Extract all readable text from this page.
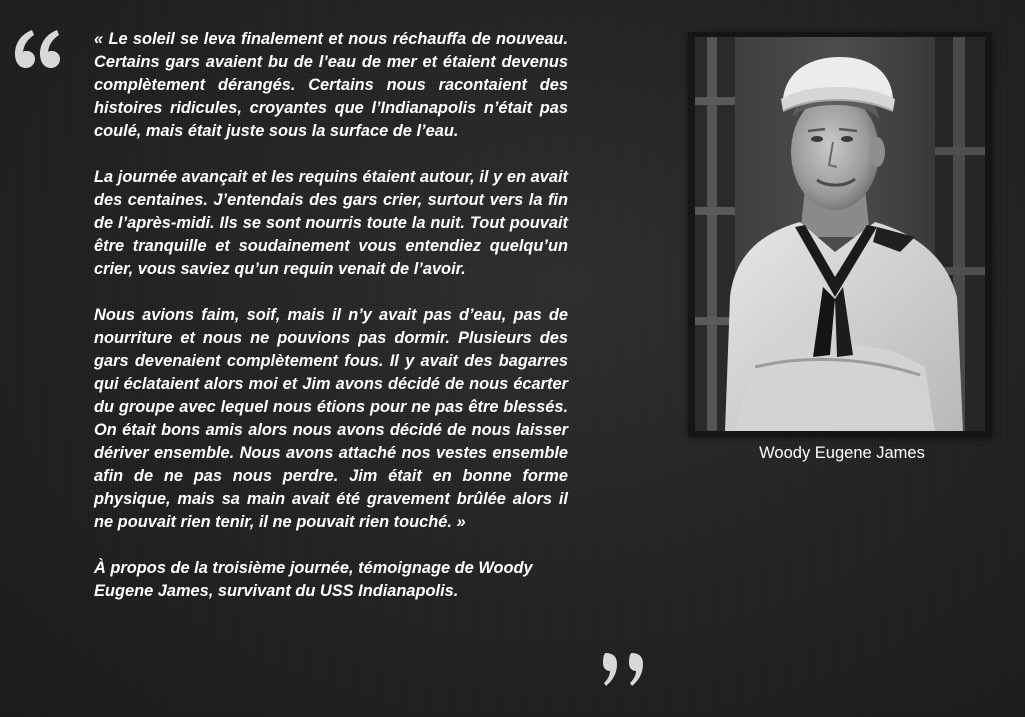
« Le soleil se leva finalement et nous réchauffa de nouveau. Certains gars avaient bu de l’eau de mer et étaient devenus complètement dérangés. Certains nous racontaient des histoires ridicules, croyantes que l’Indianapolis n’était pas coulé, mais était juste sous la surface de l’eau.

La journée avançait et les requins étaient autour, il y en avait des centaines. J’entendais des gars crier, surtout vers la fin de l’après-midi. Ils se sont nourris toute la nuit. Tout pouvait être tranquille et soudainement vous entendiez quelqu’un crier, vous saviez qu’un requin venait de l’avoir.

Nous avions faim, soif, mais il n’y avait pas d’eau, pas de nourriture et nous ne pouvions pas dormir. Plusieurs des gars devenaient complètement fous. Il y avait des bagarres qui éclataient alors moi et Jim avons décidé de nous écarter du groupe avec lequel nous étions pour ne pas être blessés. On était bons amis alors nous avons décidé de nous laisser dériver ensemble. Nous avons attaché nos vestes ensemble afin de ne pas nous perdre. Jim était en bonne forme physique, mais sa main avait été gravement brûlée alors il ne pouvait rien tenir, il ne pouvait rien touché. »

À propos de la troisième journée, témoignage de Woody Eugene James, survivant du USS Indianapolis.

Woody Eugene James
